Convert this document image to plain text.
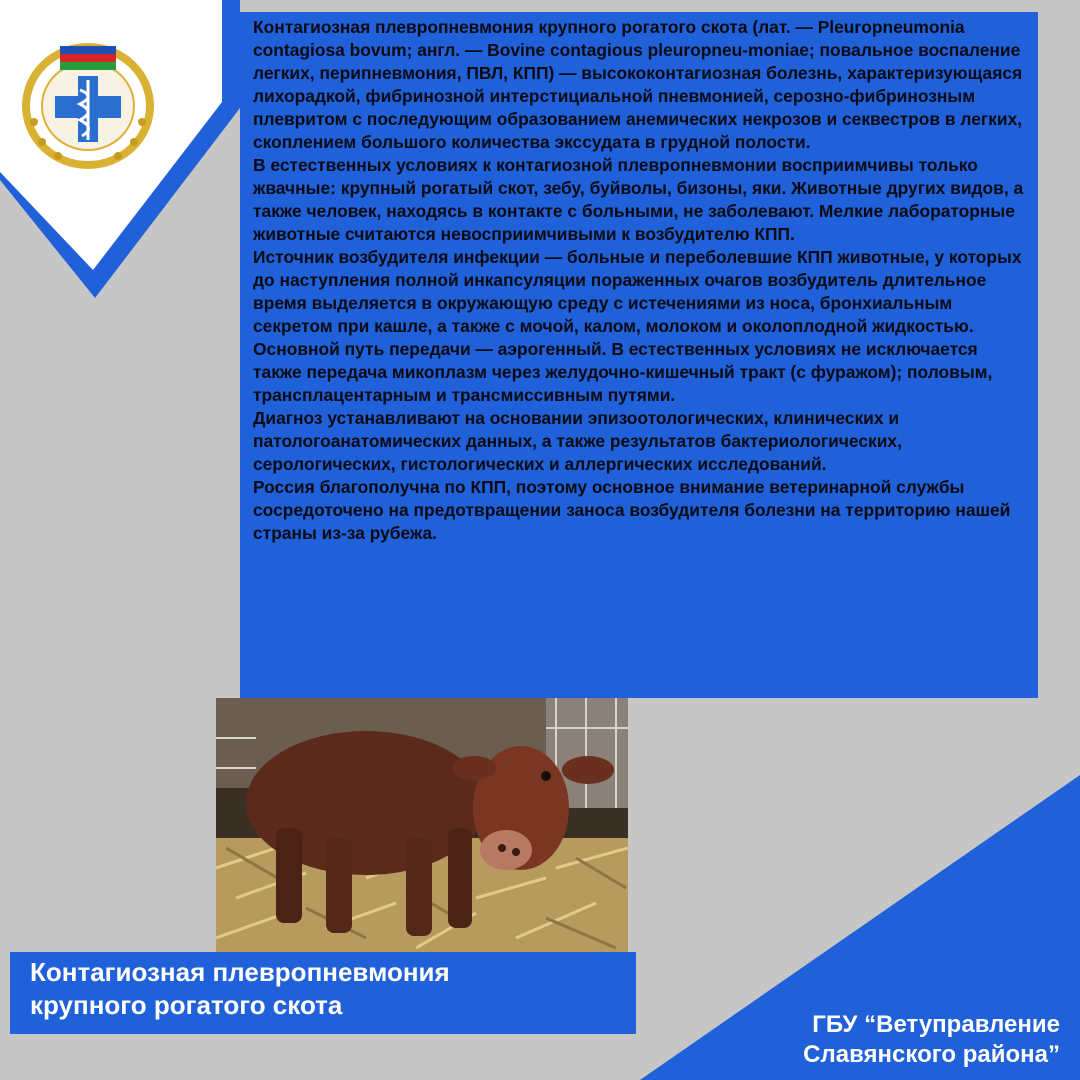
Контагиозная плевропневмония крупного рогатого скота (лат. — Pleuropneumonia contagiosa bovum; англ. — Bovine contagious pleuropneu-moniae; повальное воспаление легких, перипневмония, ПВЛ, КПП) — высококонтагиозная болезнь, характеризующаяся лихорадкой, фибринозной интерстициальной пневмонией, серозно-фибринозным плевритом с последующим образованием анемических некрозов и секвестров в легких, скоплением большого количества экссудата в грудной полости.

В естественных условиях к контагиозной плевропневмонии восприимчивы только жвачные: крупный рогатый скот, зебу, буйволы, бизоны, яки. Животные других видов, а также человек, находясь в контакте с больными, не заболевают. Мелкие лабораторные животные считаются невосприимчивыми к возбудителю КПП.

Источник возбудителя инфекции — больные и переболевшие КПП животные, у которых до наступления полной инкапсуляции пораженных очагов возбудитель длительное время выделяется в окружающую среду с истечениями из носа, бронхиальным секретом при кашле, а также с мочой, калом, молоком и околоплодной жидкостью.

Основной путь передачи — аэрогенный. В естественных условиях не исключается также передача микоплазм через желудочно-кишечный тракт (с фуражом); половым, трансплацентарным и трансмиссивным путями.

Диагноз устанавливают на основании эпизоотологических, клинических и патологоанатомических данных, а также результатов бактериологических, серологических, гистологических и аллергических исследований.

Россия благополучна по КПП, поэтому основное внимание ветеринарной службы сосредоточено на предотвращении заноса возбудителя болезни на территорию нашей страны из-за рубежа.

Контагиозная плевропневмония
крупного рогатого скота
ГБУ “Ветуправление
Славянского района”
